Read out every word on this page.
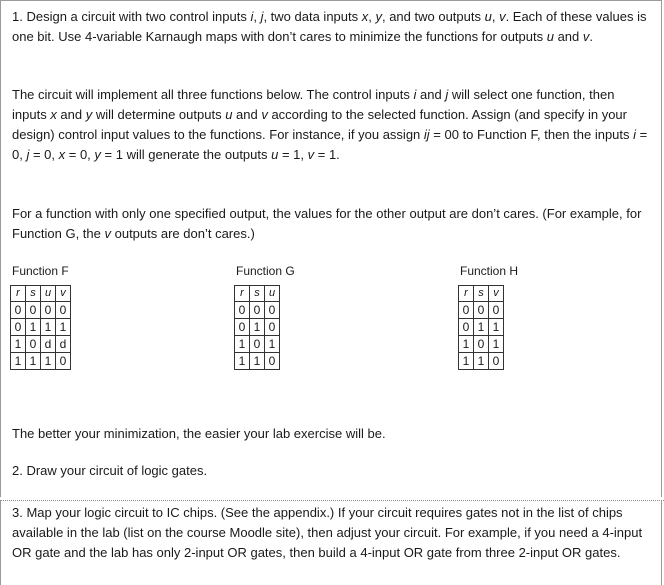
1. Design a circuit with two control inputs i, j, two data inputs x, y, and two outputs u, v. Each of these values is one bit. Use 4-variable Karnaugh maps with don’t cares to minimize the functions for outputs u and v.

The circuit will implement all three functions below. The control inputs i and j will select one function, then inputs x and y will determine outputs u and v according to the selected function. Assign (and specify in your design) control input values to the functions. For instance, if you assign ij = 00 to Function F, then the inputs i = 0, j = 0, x = 0, y = 1 will generate the outputs u = 1, v = 1.

For a function with only one specified output, the values for the other output are don’t cares. (For example, for Function G, the v outputs are don’t cares.)

Function F	Function G	Function H
r	s	u	v
0	0	0	0
0	1	1	1
1	0	d	d
1	1	1	0
r	s	u
0	0	0
0	1	0
1	0	1
1	1	0
r	s	v
0	0	0
0	1	1
1	0	1
1	1	0

The better your minimization, the easier your lab exercise will be.

2. Draw your circuit of logic gates.

3. Map your logic circuit to IC chips. (See the appendix.) If your circuit requires gates not in the list of chips available in the lab (list on the course Moodle site), then adjust your circuit. For example, if you need a 4-input OR gate and the lab has only 2-input OR gates, then build a 4-input OR gate from three 2-input OR gates.
